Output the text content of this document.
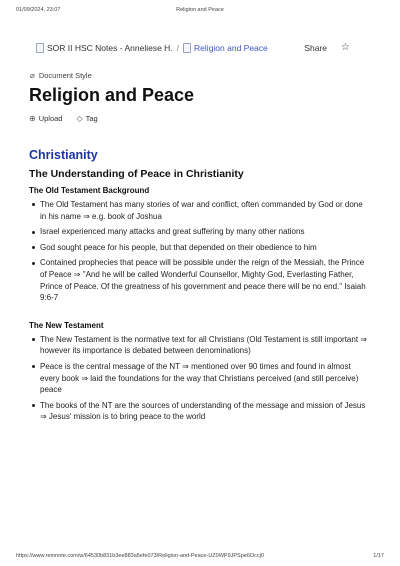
01/09/2024, 23:07	Religion and Peace
SOR II HSC Notes - Anneliese H. / Religion and Peace	Share ☆
⌀ Document Style
Religion and Peace
⊕ Upload ◇ Tag
Christianity
The Understanding of Peace in Christianity
The Old Testament Background
The Old Testament has many stories of war and conflict, often commanded by God or done in his name ⇒ e.g. book of Joshua
Israel experienced many attacks and great suffering by many other nations
God sought peace for his people, but that depended on their obedience to him
Contained prophecies that peace will be possible under the reign of the Messiah, the Prince of Peace ⇒ "And he will be called Wonderful Counsellor, Mighty God, Everlasting Father, Prince of Peace. Of the greatness of his government and peace there will be no end." Isaiah 9:6-7
The New Testament
The New Testament is the normative text for all Christians (Old Testament is still important ⇒ however its importance is debated between denominations)
Peace is the central message of the NT ⇒ mentioned over 90 times and found in almost every book ⇒ laid the foundations for the way that Christians perceived (and still perceive) peace
The books of the NT are the sources of understanding of the message and mission of Jesus ⇒ Jesus' mission is to bring peace to the world
https://www.remnote.com/w/64530b831b3ee883a5efe073/Religion-and-Peace-UZ0WP9JPSpe6Occj0	1/17
